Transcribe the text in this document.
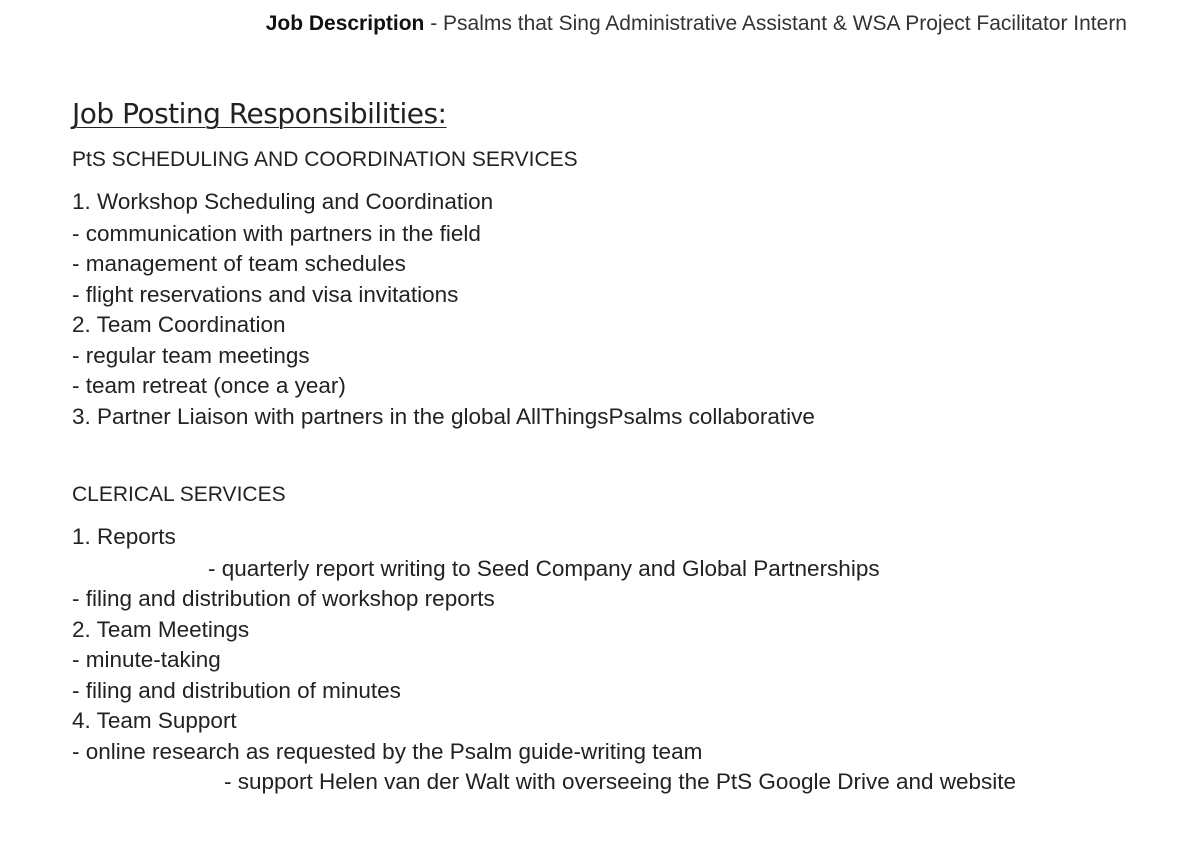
Job Description - Psalms that Sing Administrative Assistant & WSA Project Facilitator Intern
Job Posting Responsibilities:
PtS SCHEDULING AND COORDINATION SERVICES
1. Workshop Scheduling and Coordination
- communication with partners in the field
- management of team schedules
- flight reservations and visa invitations
2. Team Coordination
- regular team meetings
- team retreat (once a year)
3. Partner Liaison with partners in the global AllThingsPsalms collaborative
CLERICAL SERVICES
1. Reports
- quarterly report writing to Seed Company and Global Partnerships
- filing and distribution of workshop reports
2. Team Meetings
- minute-taking
- filing and distribution of minutes
4. Team Support
- online research as requested by the Psalm guide-writing team
- support Helen van der Walt with overseeing the PtS Google Drive and website
